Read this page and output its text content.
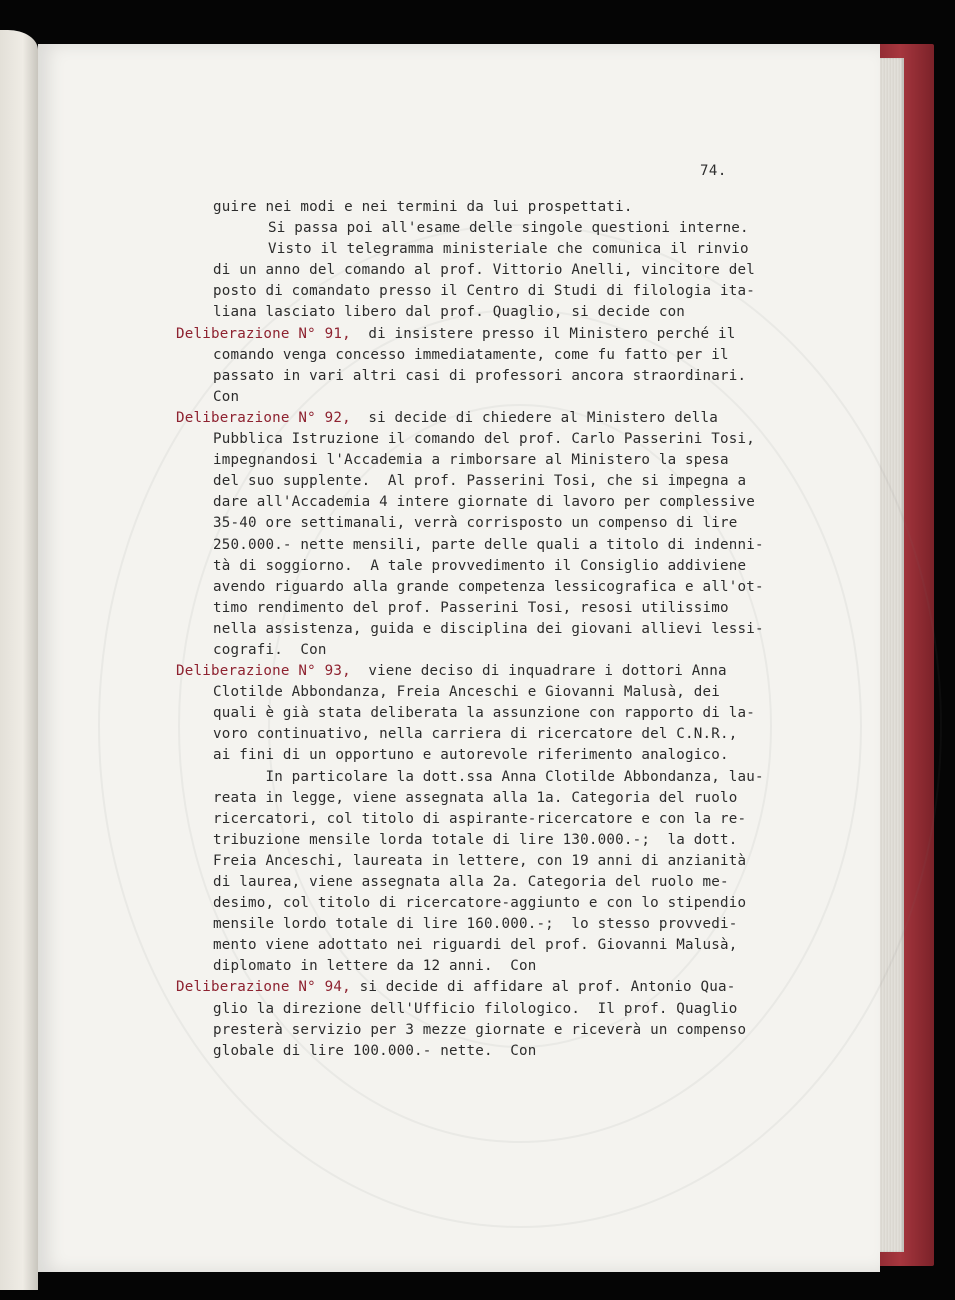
74.
guire nei modi e nei termini da lui prospettati.
Si passa poi all'esame delle singole questioni interne.
Visto il telegramma ministeriale che comunica il rinvio
di un anno del comando al prof. Vittorio Anelli, vincitore del
posto di comandato presso il Centro di Studi di filologia ita-
liana lasciato libero dal prof. Quaglio, si decide con
Deliberazione N° 91,  di insistere presso il Ministero perché il
comando venga concesso immediatamente, come fu fatto per il
passato in vari altri casi di professori ancora straordinari.
Con
Deliberazione N° 92,  si decide di chiedere al Ministero della
Pubblica Istruzione il comando del prof. Carlo Passerini Tosi,
impegnandosi l'Accademia a rimborsare al Ministero la spesa
del suo supplente.  Al prof. Passerini Tosi, che si impegna a
dare all'Accademia 4 intere giornate di lavoro per complessive
35-40 ore settimanali, verrà corrisposto un compenso di lire
250.000.- nette mensili, parte delle quali a titolo di indenni-
tà di soggiorno.  A tale provvedimento il Consiglio addiviene
avendo riguardo alla grande competenza lessicografica e all'ot-
timo rendimento del prof. Passerini Tosi, resosi utilissimo
nella assistenza, guida e disciplina dei giovani allievi lessi-
cografi.  Con
Deliberazione N° 93,  viene deciso di inquadrare i dottori Anna
Clotilde Abbondanza, Freia Anceschi e Giovanni Malusà, dei
quali è già stata deliberata la assunzione con rapporto di la-
voro continuativo, nella carriera di ricercatore del C.N.R.,
ai fini di un opportuno e autorevole riferimento analogico.
In particolare la dott.ssa Anna Clotilde Abbondanza, lau-
reata in legge, viene assegnata alla 1a. Categoria del ruolo
ricercatori, col titolo di aspirante-ricercatore e con la re-
tribuzione mensile lorda totale di lire 130.000.-;  la dott.
Freia Anceschi, laureata in lettere, con 19 anni di anzianità
di laurea, viene assegnata alla 2a. Categoria del ruolo me-
desimo, col titolo di ricercatore-aggiunto e con lo stipendio
mensile lordo totale di lire 160.000.-;  lo stesso provvedi-
mento viene adottato nei riguardi del prof. Giovanni Malusà,
diplomato in lettere da 12 anni.  Con
Deliberazione N° 94, si decide di affidare al prof. Antonio Qua-
glio la direzione dell'Ufficio filologico.  Il prof. Quaglio
presterà servizio per 3 mezze giornate e riceverà un compenso
globale di lire 100.000.- nette.  Con
